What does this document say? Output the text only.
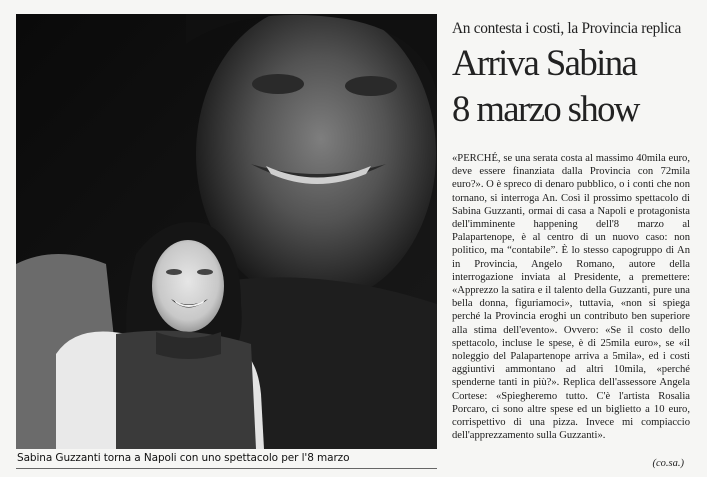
Sabina Guzzanti torna a Napoli con uno spettacolo per l'8 marzo
An contesta i costi, la Provincia replica
Arriva Sabina
8 marzo show

«PERCHÉ, se una serata costa al massimo 40mila euro, deve essere finanziata dalla Provincia con 72mila euro?». O è spreco di denaro pubblico, o i conti che non tornano, si interroga An. Così il prossimo spettacolo di Sabina Guzzanti, ormai di casa a Napoli e protagonista dell'imminente happening dell'8 marzo al Palapartenope, è al centro di un nuovo caso: non politico, ma “contabile”. È lo stesso capogruppo di An in Provincia, Angelo Romano, autore della interrogazione inviata al Presidente, a premettere: «Apprezzo la satira e il talento della Guzzanti, pure una bella donna, figuriamoci», tuttavia, «non si spiega perché la Provincia eroghi un contributo ben superiore alla stima dell'evento». Ovvero: «Se il costo dello spettacolo, incluse le spese, è di 25mila euro», se «il noleggio del Palapartenope arriva a 5mila», ed i costi aggiuntivi ammontano ad altri 10mila, «perché spenderne tanti in più?». Replica dell'assessore Angela Cortese: «Spiegheremo tutto. C'è l'artista Rosalia Porcaro, ci sono altre spese ed un biglietto a 10 euro, corrispettivo di una pizza. Invece mi compiaccio dell'apprezzamento sulla Guzzanti».

(co.sa.)
